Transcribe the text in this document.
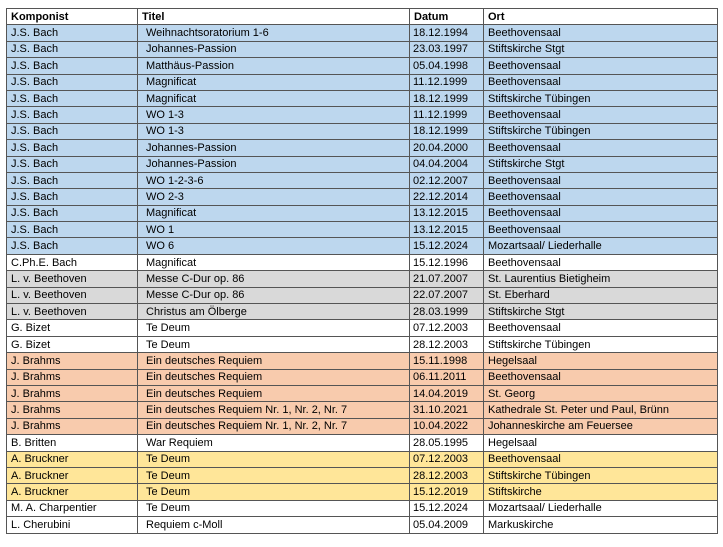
Komponist	Titel	Datum	Ort
J.S. Bach	Weihnachtsoratorium 1-6	18.12.1994	Beethovensaal
J.S. Bach	Johannes-Passion	23.03.1997	Stiftskirche Stgt
J.S. Bach	Matthäus-Passion	05.04.1998	Beethovensaal
J.S. Bach	Magnificat	11.12.1999	Beethovensaal
J.S. Bach	Magnificat	18.12.1999	Stiftskirche Tübingen
J.S. Bach	WO 1-3	11.12.1999	Beethovensaal
J.S. Bach	WO 1-3	18.12.1999	Stiftskirche Tübingen
J.S. Bach	Johannes-Passion	20.04.2000	Beethovensaal
J.S. Bach	Johannes-Passion	04.04.2004	Stiftskirche Stgt
J.S. Bach	WO 1-2-3-6	02.12.2007	Beethovensaal
J.S. Bach	WO 2-3	22.12.2014	Beethovensaal
J.S. Bach	Magnificat	13.12.2015	Beethovensaal
J.S. Bach	WO 1	13.12.2015	Beethovensaal
J.S. Bach	WO 6	15.12.2024	Mozartsaal/ Liederhalle
C.Ph.E. Bach	Magnificat	15.12.1996	Beethovensaal
L. v. Beethoven	Messe C-Dur op. 86	21.07.2007	St. Laurentius Bietigheim
L. v. Beethoven	Messe C-Dur op. 86	22.07.2007	St. Eberhard
L. v. Beethoven	Christus am Ölberge	28.03.1999	Stiftskirche Stgt
G. Bizet	Te Deum	07.12.2003	Beethovensaal
G. Bizet	Te Deum	28.12.2003	Stiftskirche Tübingen
J. Brahms	Ein deutsches Requiem	15.11.1998	Hegelsaal
J. Brahms	Ein deutsches Requiem	06.11.2011	Beethovensaal
J. Brahms	Ein deutsches Requiem	14.04.2019	St. Georg
J. Brahms	Ein deutsches Requiem Nr. 1, Nr. 2, Nr. 7	31.10.2021	Kathedrale St. Peter und Paul, Brünn
J. Brahms	Ein deutsches Requiem Nr. 1, Nr. 2, Nr. 7	10.04.2022	Johanneskirche am Feuersee
B. Britten	War Requiem	28.05.1995	Hegelsaal
A. Bruckner	Te Deum	07.12.2003	Beethovensaal
A. Bruckner	Te Deum	28.12.2003	Stiftskirche Tübingen
A. Bruckner	Te Deum	15.12.2019	Stiftskirche
M. A. Charpentier	Te Deum	15.12.2024	Mozartsaal/ Liederhalle
L. Cherubini	Requiem c-Moll	05.04.2009	Markuskirche
